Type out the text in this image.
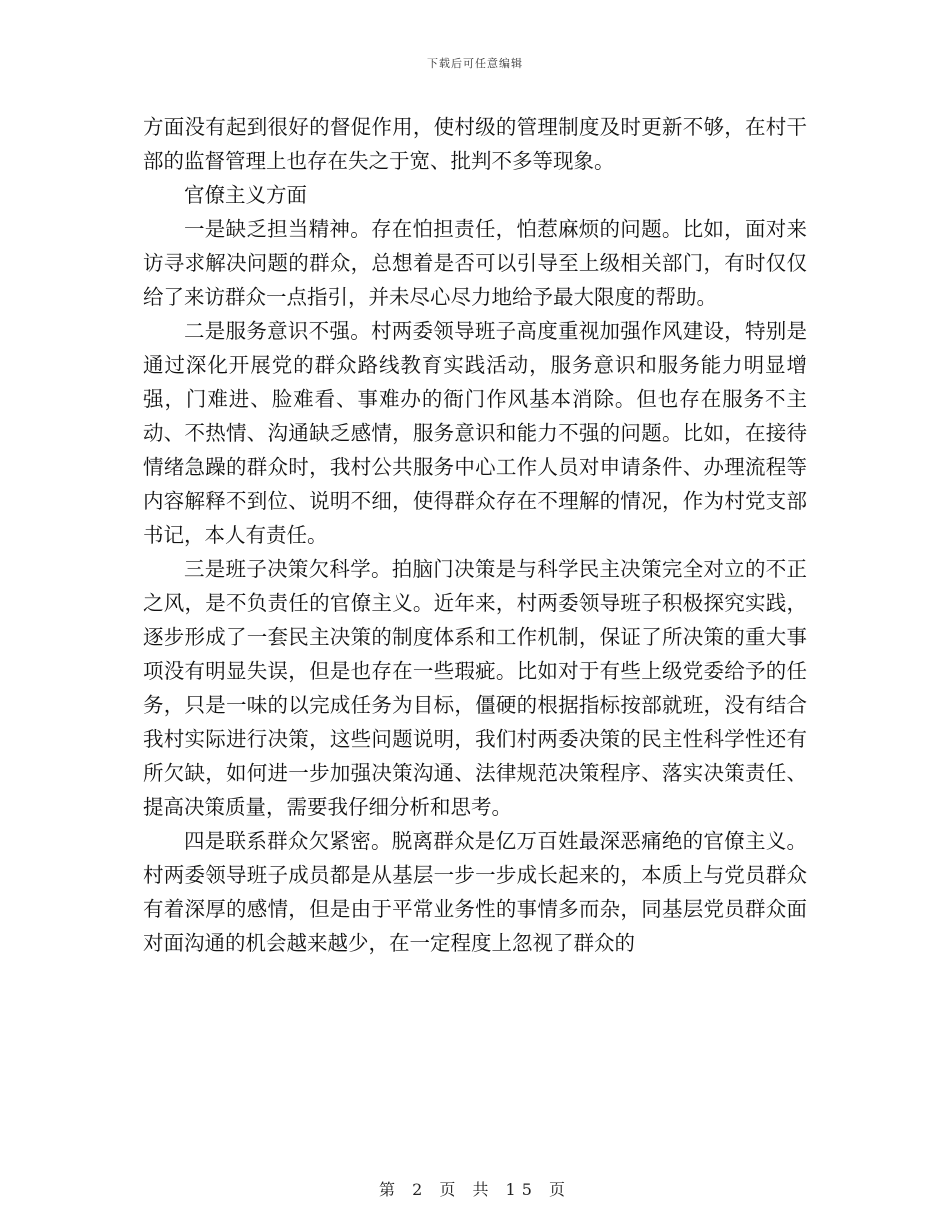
下载后可任意编辑

方面没有起到很好的督促作用，使村级的管理制度及时更新不够，在村干部的监督管理上也存在失之于宽、批判不多等现象。

官僚主义方面

一是缺乏担当精神。存在怕担责任，怕惹麻烦的问题。比如，面对来访寻求解决问题的群众，总想着是否可以引导至上级相关部门，有时仅仅给了来访群众一点指引，并未尽心尽力地给予最大限度的帮助。

二是服务意识不强。村两委领导班子高度重视加强作风建设，特别是通过深化开展党的群众路线教育实践活动，服务意识和服务能力明显增强，门难进、脸难看、事难办的衙门作风基本消除。但也存在服务不主动、不热情、沟通缺乏感情，服务意识和能力不强的问题。比如，在接待情绪急躁的群众时，我村公共服务中心工作人员对申请条件、办理流程等内容解释不到位、说明不细，使得群众存在不理解的情况，作为村党支部书记，本人有责任。

三是班子决策欠科学。拍脑门决策是与科学民主决策完全对立的不正之风，是不负责任的官僚主义。近年来，村两委领导班子积极探究实践，逐步形成了一套民主决策的制度体系和工作机制，保证了所决策的重大事项没有明显失误，但是也存在一些瑕疵。比如对于有些上级党委给予的任务，只是一味的以完成任务为目标，僵硬的根据指标按部就班，没有结合我村实际进行决策，这些问题说明，我们村两委决策的民主性科学性还有所欠缺，如何进一步加强决策沟通、法律规范决策程序、落实决策责任、提高决策质量，需要我仔细分析和思考。

四是联系群众欠紧密。脱离群众是亿万百姓最深恶痛绝的官僚主义。村两委领导班子成员都是从基层一步一步成长起来的，本质上与党员群众有着深厚的感情，但是由于平常业务性的事情多而杂，同基层党员群众面对面沟通的机会越来越少，在一定程度上忽视了群众的

第 2 页 共 15 页
